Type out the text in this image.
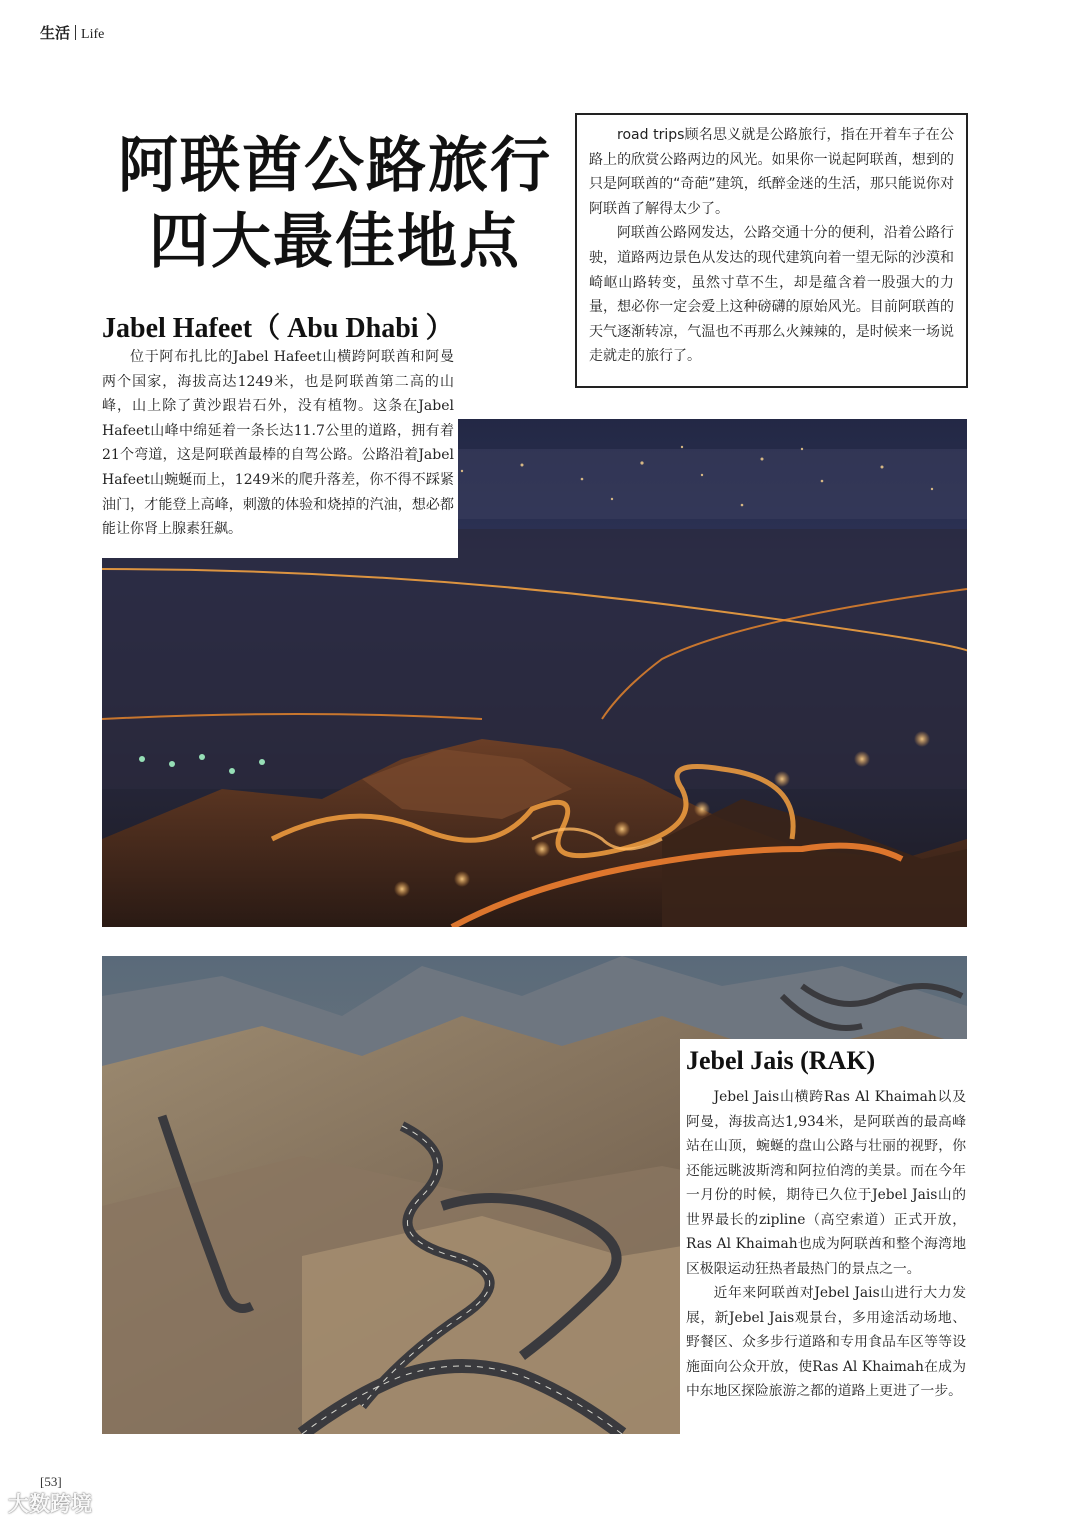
生活 Life
阿联酋公路旅行
四大最佳地点

road trips顾名思义就是公路旅行，指在开着车子在公路上的欣赏公路两边的风光。如果你一说起阿联酋，想到的只是阿联酋的“奇葩”建筑，纸醉金迷的生活，那只能说你对阿联酋了解得太少了。

阿联酋公路网发达，公路交通十分的便利，沿着公路行驶，道路两边景色从发达的现代建筑向着一望无际的沙漠和崎岖山路转变，虽然寸草不生，却是蕴含着一股强大的力量，想必你一定会爱上这种磅礴的原始风光。目前阿联酋的天气逐渐转凉，气温也不再那么火辣辣的，是时候来一场说走就走的旅行了。

Jabel Hafeet（ Abu Dhabi ）

位于阿布扎比的Jabel Hafeet山横跨阿联酋和阿曼两个国家，海拔高达1249米，也是阿联酋第二高的山峰，山上除了黄沙跟岩石外，没有植物。这条在Jabel Hafeet山峰中绵延着一条长达11.7公里的道路，拥有着21个弯道，这是阿联酋最棒的自驾公路。公路沿着Jabel Hafeet山蜿蜒而上，1249米的爬升落差，你不得不踩紧油门，才能登上高峰，刺激的体验和烧掉的汽油，想必都能让你肾上腺素狂飙。

Jebel Jais (RAK)

Jebel Jais山横跨Ras Al Khaimah以及阿曼，海拔高达1,934米，是阿联酋的最高峰站在山顶，蜿蜒的盘山公路与壮丽的视野，你还能远眺波斯湾和阿拉伯湾的美景。而在今年一月份的时候，期待已久位于Jebel Jais山的世界最长的zipline（高空索道）正式开放，Ras Al Khaimah也成为阿联酋和整个海湾地区极限运动狂热者最热门的景点之一。

近年来阿联酋对Jebel Jais山进行大力发展，新Jebel Jais观景台，多用途活动场地、野餐区、众多步行道路和专用食品车区等等设施面向公众开放，使Ras Al Khaimah在成为中东地区探险旅游之都的道路上更进了一步。

[53]
大数跨境
